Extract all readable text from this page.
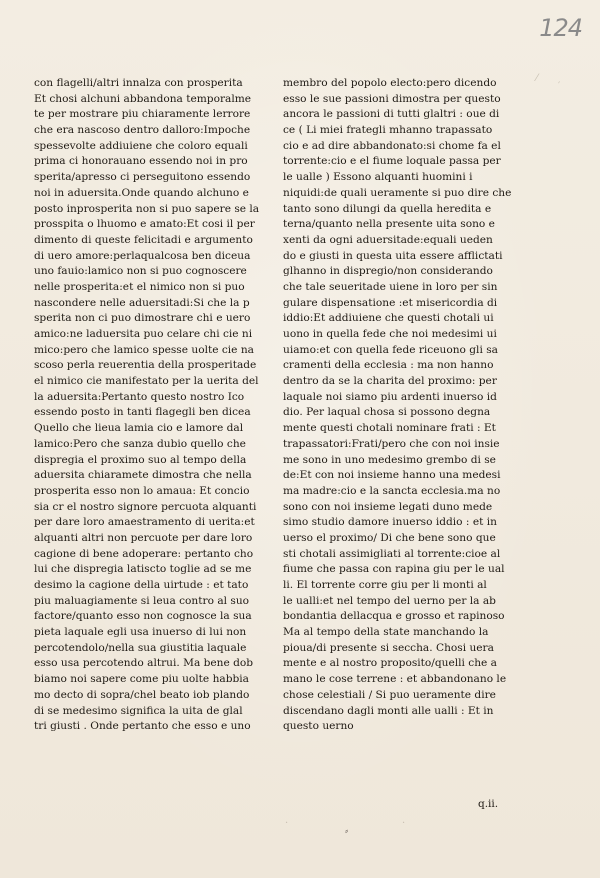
124
con flagelli/altri innalza con prosperita
Et chosi alchuni abbandona temporalme
te per mostrare piu chiaramente lerrore
che era nascoso dentro dalloro:Impoche
spessevolte addiuiene che coloro equali
prima ci honorauano essendo noi in pro
sperita/apresso ci perseguitono essendo
noi in aduersita.Onde quando alchuno e
posto inprosperita non si puo sapere se la
prosspita o lhuomo e amato:Et cosi il per
dimento di queste felicitadi e argumento
di uero amore:perlaqualcosa ben diceua
uno fauio:lamico non si puo cognoscere
nelle prosperita:et el nimico non si puo
nascondere nelle aduersitadi:Si che la p
sperita non ci puo dimostrare chi e uero
amico:ne laduersita puo celare chi cie ni
mico:pero che lamico spesse uolte cie na
scoso perla reuerentia della prosperitade
el nimico cie manifestato per la uerita del
la aduersita:Pertanto questo nostro Ico
essendo posto in tanti flagegli ben dicea
Quello che lieua lamia cio e lamore dal
lamico:Pero che sanza dubio quello che
dispregia el proximo suo al tempo della
aduersita chiaramete dimostra che nella
prosperita esso non lo amaua: Et concio
sia cr el nostro signore percuota alquanti
per dare loro amaestramento di uerita:et
alquanti altri non percuote per dare loro
cagione di bene adoperare: pertanto cho
lui che dispregia latiscto toglie ad se me
desimo la cagione della uirtude : et tato
piu maluagiamente si leua contro al suo
factore/quanto esso non cognosce la sua
pieta laquale egli usa inuerso di lui non
percotendolo/nella sua giustitia laquale
esso usa percotendo altrui. Ma bene dob
biamo noi sapere come piu uolte habbia
mo decto di sopra/chel beato iob plando
di se medesimo significa la uita de glal
tri giusti . Onde pertanto che esso e uno
membro del popolo electo:pero dicendo
esso le sue passioni dimostra per questo
ancora le passioni di tutti glaltri : oue di
ce ( Li miei frategli mhanno trapassato
cio e ad dire abbandonato:si chome fa el
torrente:cio e el fiume loquale passa per
le ualle ) Essono alquanti huomini i
niquidi:de quali ueramente si puo dire che
tanto sono dilungi da quella heredita e
terna/quanto nella presente uita sono e
xenti da ogni aduersitade:equali ueden
do e giusti in questa uita essere afflictati
glhanno in dispregio/non considerando
che tale seueritade uiene in loro per sin
gulare dispensatione :et misericordia di
iddio:Et addiuiene che questi chotali ui
uono in quella fede che noi medesimi ui
uiamo:et con quella fede riceuono gli sa
cramenti della ecclesia : ma non hanno
dentro da se la charita del proximo: per
laquale noi siamo piu ardenti inuerso id
dio. Per laqual chosa si possono degna
mente questi chotali nominare frati : Et
trapassatori:Frati/pero che con noi insie
me sono in uno medesimo grembo di se
de:Et con noi insieme hanno una medesi
ma madre:cio e la sancta ecclesia.ma no
sono con noi insieme legati duno mede
simo studio damore inuerso iddio : et in
uerso el proximo/ Di che bene sono que
sti chotali assimigliati al torrente:cioe al
fiume che passa con rapina giu per le ual
li. El torrente corre giu per li monti al
le ualli:et nel tempo del uerno per la ab
bondantia dellacqua e grosso et rapinoso
Ma al tempo della state manchando la
pioua/di presente si seccha. Chosi uera
mente e al nostro proposito/quelli che a
mano le cose terrene : et abbandonano le
chose celestiali / Si puo ueramente dire
discendano dagli monti alle ualli : Et in
questo uerno
q.ii.
⸗
⁄
′
·	·
